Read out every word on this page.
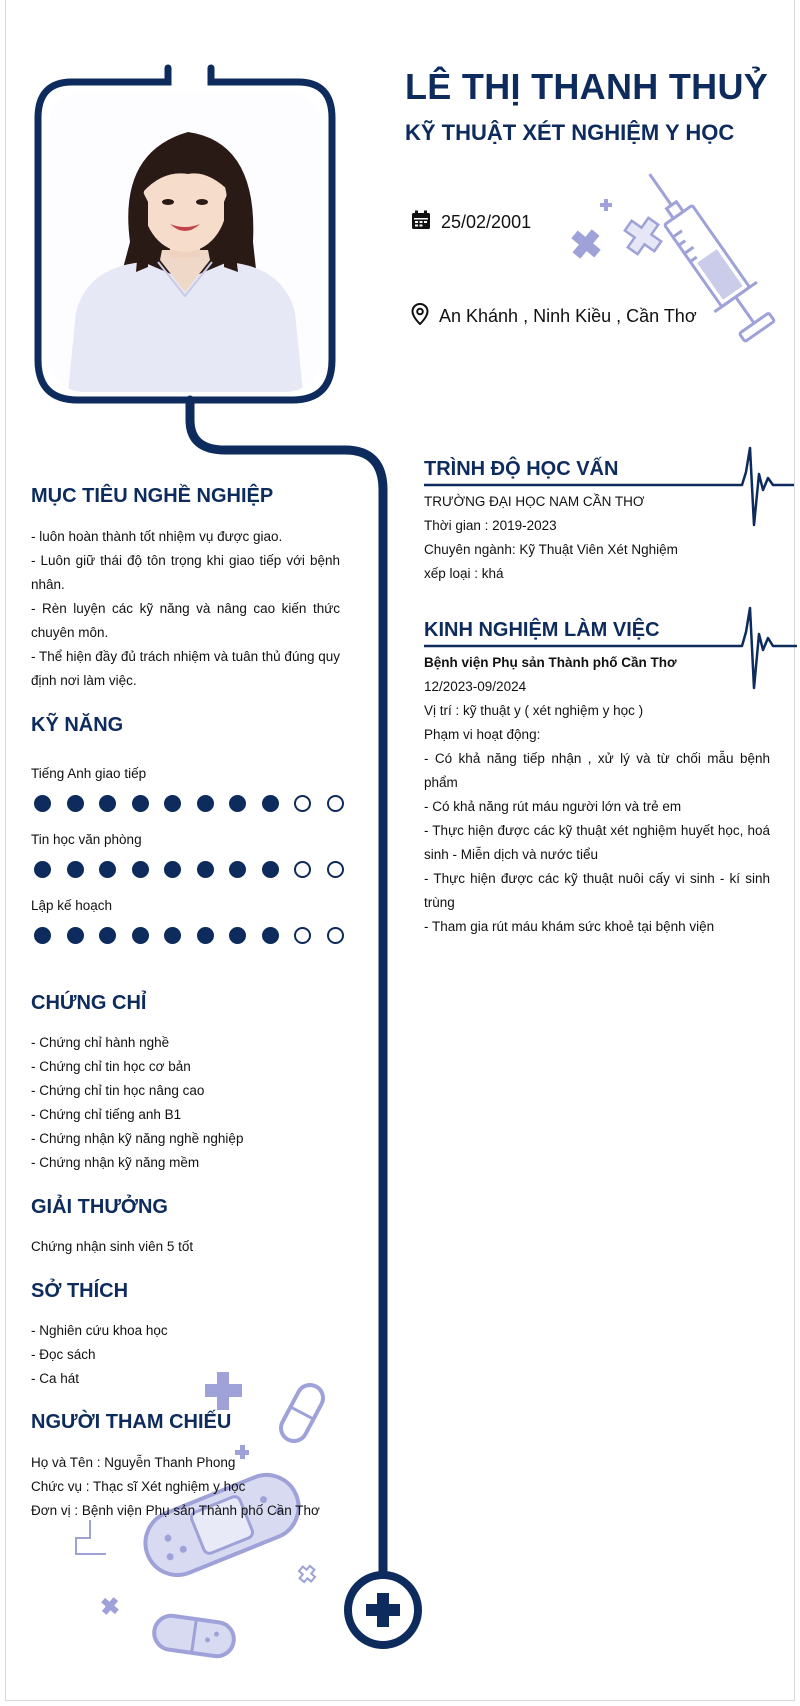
LÊ THỊ THANH THUỶ
KỸ THUẬT XÉT NGHIỆM Y HỌC
25/02/2001
An Khánh , Ninh Kiều , Cần Thơ
MỤC TIÊU NGHỀ NGHIỆP

- luôn hoàn thành tốt nhiệm vụ được giao.

- Luôn giữ thái độ tôn trọng khi giao tiếp với bệnh nhân.

- Rèn luyện các kỹ năng và nâng cao kiến thức chuyên môn.

- Thể hiện đầy đủ trách nhiệm và tuân thủ đúng quy định nơi làm việc.

KỸ NĂNG
Tiếng Anh giao tiếp
Tin học văn phòng
Lập kế hoạch
CHỨNG CHỈ

- Chứng chỉ hành nghề

- Chứng chỉ tin học cơ bản

- Chứng chỉ tin học nâng cao

- Chứng chỉ tiếng anh B1

- Chứng nhận kỹ năng nghề nghiệp

- Chứng nhận kỹ năng mềm

GIẢI THƯỞNG

Chứng nhận sinh viên 5 tốt

SỞ THÍCH

- Nghiên cứu khoa học

- Đọc sách

- Ca hát

NGƯỜI THAM CHIẾU

Họ và Tên : Nguyễn Thanh Phong

Chức vụ : Thạc sĩ Xét nghiệm y học

Đơn vị : Bệnh viện Phụ sản Thành phố Cần Thơ

TRÌNH ĐỘ HỌC VẤN

TRƯỜNG ĐẠI HỌC NAM CẦN THƠ

Thời gian : 2019-2023

Chuyên ngành: Kỹ Thuật Viên Xét Nghiệm

xếp loại : khá

KINH NGHIỆM LÀM VIỆC

Bệnh viện Phụ sản Thành phố Cần Thơ

12/2023-09/2024

Vị trí : kỹ thuật y ( xét nghiệm y học )

Phạm vi hoạt động:

- Có khả năng tiếp nhận , xử lý và từ chối mẫu bệnh phẩm

- Có khả năng rút máu người lớn và trẻ em

- Thực hiện được các kỹ thuật xét nghiệm huyết học, hoá sinh - Miễn dịch và nước tiểu

- Thực hiện được các kỹ thuật nuôi cấy vi sinh - kí sinh trùng

- Tham gia rút máu khám sức khoẻ tại bệnh viện
